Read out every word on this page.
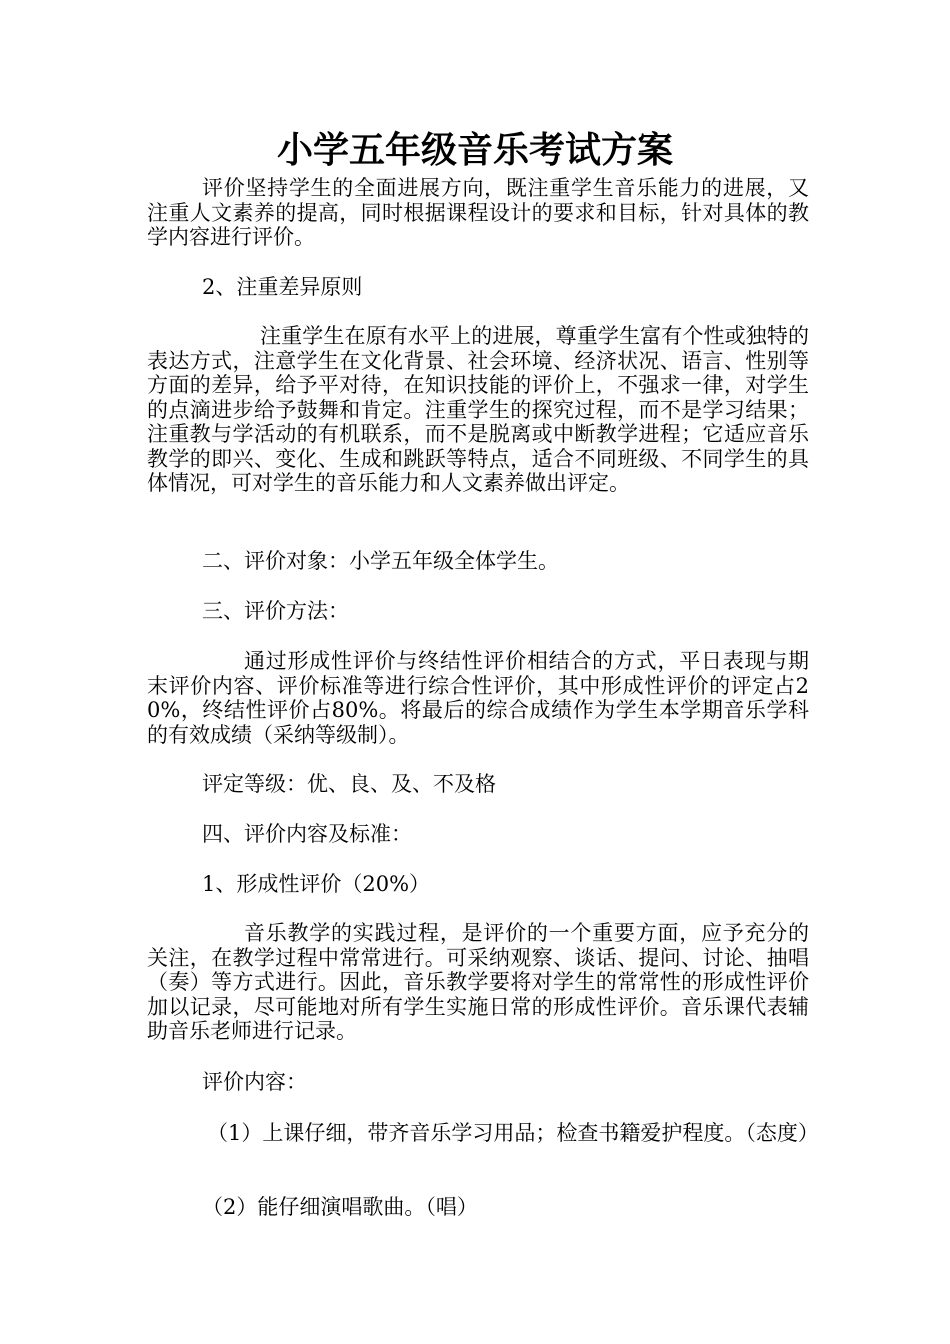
小学五年级音乐考试方案

评价坚持学生的全面进展方向，既注重学生音乐能力的进展，又注重人文素养的提高，同时根据课程设计的要求和目标，针对具体的教学内容进行评价。

2、注重差异原则

注重学生在原有水平上的进展，尊重学生富有个性或独特的表达方式，注意学生在文化背景、社会环境、经济状况、语言、性别等方面的差异，给予平对待，在知识技能的评价上，不强求一律，对学生的点滴进步给予鼓舞和肯定。注重学生的探究过程，而不是学习结果；注重教与学活动的有机联系，而不是脱离或中断教学进程；它适应音乐教学的即兴、变化、生成和跳跃等特点，适合不同班级、不同学生的具体情况，可对学生的音乐能力和人文素养做出评定。

二、评价对象：小学五年级全体学生。

三、评价方法：

通过形成性评价与终结性评价相结合的方式，平日表现与期末评价内容、评价标准等进行综合性评价，其中形成性评价的评定占20%，终结性评价占80%。将最后的综合成绩作为学生本学期音乐学科的有效成绩（采纳等级制）。

评定等级：优、良、及、不及格

四、评价内容及标准：

1、形成性评价（20%）

音乐教学的实践过程，是评价的一个重要方面，应予充分的关注，在教学过程中常常进行。可采纳观察、谈话、提问、讨论、抽唱（奏）等方式进行。因此，音乐教学要将对学生的常常性的形成性评价加以记录，尽可能地对所有学生实施日常的形成性评价。音乐课代表辅助音乐老师进行记录。

评价内容：

（1）上课仔细，带齐音乐学习用品；检查书籍爱护程度。（态度）

（2）能仔细演唱歌曲。（唱）
